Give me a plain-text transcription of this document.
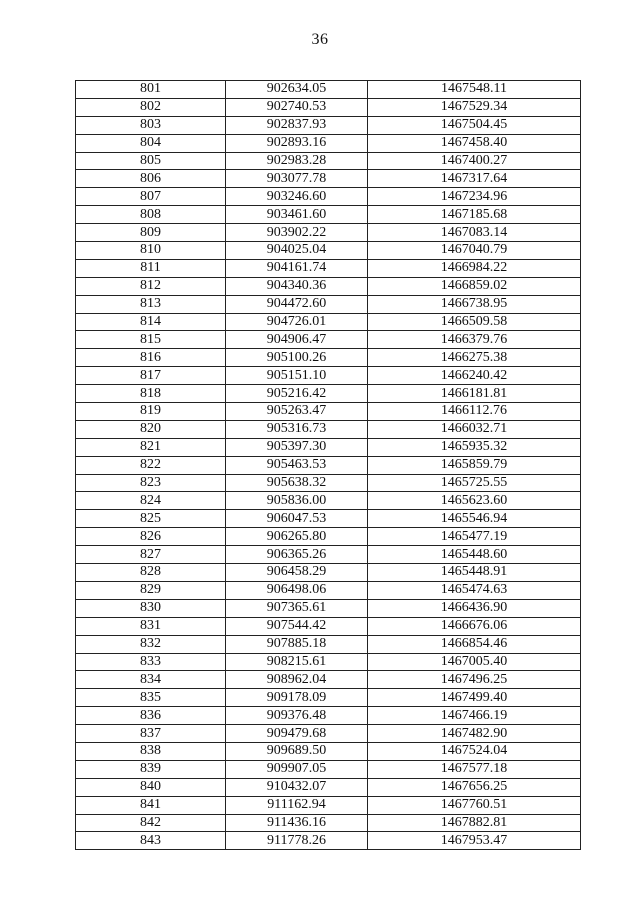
36
801	902634.05	1467548.11
802	902740.53	1467529.34
803	902837.93	1467504.45
804	902893.16	1467458.40
805	902983.28	1467400.27
806	903077.78	1467317.64
807	903246.60	1467234.96
808	903461.60	1467185.68
809	903902.22	1467083.14
810	904025.04	1467040.79
811	904161.74	1466984.22
812	904340.36	1466859.02
813	904472.60	1466738.95
814	904726.01	1466509.58
815	904906.47	1466379.76
816	905100.26	1466275.38
817	905151.10	1466240.42
818	905216.42	1466181.81
819	905263.47	1466112.76
820	905316.73	1466032.71
821	905397.30	1465935.32
822	905463.53	1465859.79
823	905638.32	1465725.55
824	905836.00	1465623.60
825	906047.53	1465546.94
826	906265.80	1465477.19
827	906365.26	1465448.60
828	906458.29	1465448.91
829	906498.06	1465474.63
830	907365.61	1466436.90
831	907544.42	1466676.06
832	907885.18	1466854.46
833	908215.61	1467005.40
834	908962.04	1467496.25
835	909178.09	1467499.40
836	909376.48	1467466.19
837	909479.68	1467482.90
838	909689.50	1467524.04
839	909907.05	1467577.18
840	910432.07	1467656.25
841	911162.94	1467760.51
842	911436.16	1467882.81
843	911778.26	1467953.47
